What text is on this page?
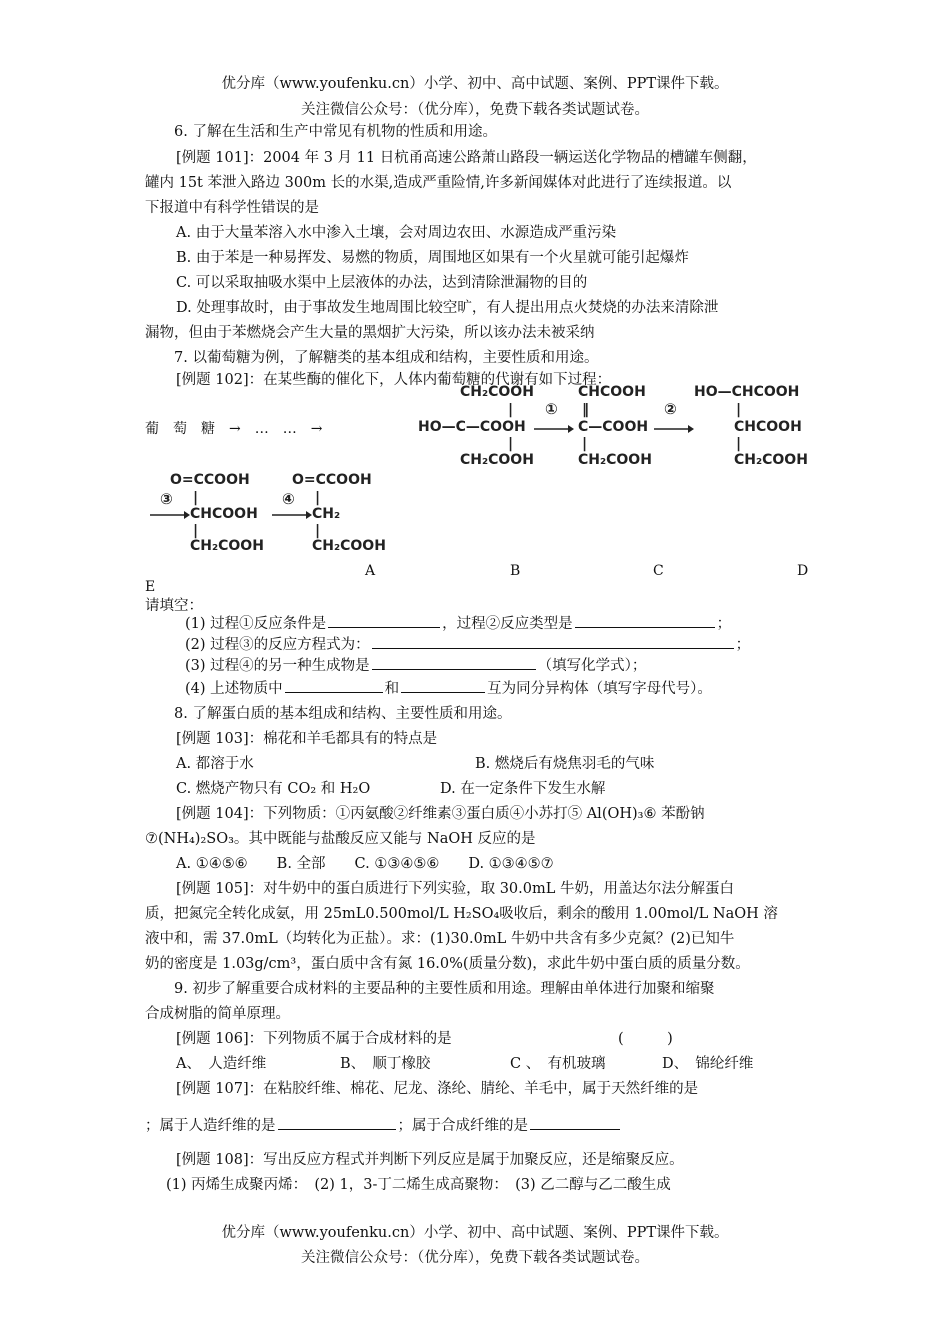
优分库（www.youfenku.cn）小学、初中、高中试题、案例、PPT课件下载。
关注微信公众号：（优分库），免费下载各类试题试卷。
6. 了解在生活和生产中常见有机物的性质和用途。
[例题 101]：2004 年 3 月 11 日杭甬高速公路萧山路段一辆运送化学物品的槽罐车侧翻，
罐内 15t 苯泄入路边 300m 长的水渠,造成严重险情,许多新闻媒体对此进行了连续报道。以
下报道中有科学性错误的是
A. 由于大量苯溶入水中渗入土壤，会对周边农田、水源造成严重污染
B. 由于苯是一种易挥发、易燃的物质，周围地区如果有一个火星就可能引起爆炸
C. 可以采取抽吸水渠中上层液体的办法，达到清除泄漏物的目的
D. 处理事故时，由于事故发生地周围比较空旷，有人提出用点火焚烧的办法来清除泄
漏物，但由于苯燃烧会产生大量的黑烟扩大污染，所以该办法未被采纳
7. 以葡萄糖为例，了解糖类的基本组成和结构，主要性质和用途。
[例题 102]：在某些酶的催化下，人体内葡萄糖的代谢有如下过程：
葡　萄　糖　→　…　…　→
CH₂COOH
|
HO—C—COOH
|
CH₂COOH
①
CHCOOH
‖
C—COOH
|
CH₂COOH
②
HO—CHCOOH
|
CHCOOH
|
CH₂COOH
O=CCOOH
③ |
CHCOOH
|
CH₂COOH
O=CCOOH
④ |
CH₂
|
CH₂COOH
A	B	C	D
E
请填空：
(1) 过程①反应条件是	，过程②反应类型是	；
(2) 过程③的反应方程式为：	；
(3) 过程④的另一种生成物是	（填写化学式）；
(4) 上述物质中	和	互为同分异构体（填写字母代号）。
8. 了解蛋白质的基本组成和结构、主要性质和用途。
[例题 103]：棉花和羊毛都具有的特点是
A. 都溶于水	B. 燃烧后有烧焦羽毛的气味
C. 燃烧产物只有 CO₂ 和 H₂O	D. 在一定条件下发生水解
[例题 104]：下列物质：①丙氨酸②纤维素③蛋白质④小苏打⑤ Al(OH)₃⑥ 苯酚钠
⑦(NH₄)₂SO₃。其中既能与盐酸反应又能与 NaOH 反应的是
A. ①④⑤⑥　　B. 全部　　C. ①③④⑤⑥　　D. ①③④⑤⑦
[例题 105]：对牛奶中的蛋白质进行下列实验，取 30.0mL 牛奶，用盖达尔法分解蛋白
质，把氮完全转化成氨，用 25mL0.500mol/L H₂SO₄吸收后，剩余的酸用 1.00mol/L NaOH 溶
液中和，需 37.0mL（均转化为正盐）。求：(1)30.0mL 牛奶中共含有多少克氮？(2)已知牛
奶的密度是 1.03g/cm³，蛋白质中含有氮 16.0%(质量分数)，求此牛奶中蛋白质的质量分数。
9. 初步了解重要合成材料的主要品种的主要性质和用途。理解由单体进行加聚和缩聚
合成树脂的简单原理。
[例题 106]：下列物质不属于合成材料的是	(　　　)
A、　人造纤维	B、　顺丁橡胶	C 、　有机玻璃	D、　锦纶纤维
[例题 107]：在粘胶纤维、棉花、尼龙、涤纶、腈纶、羊毛中，属于天然纤维的是
；属于人造纤维的是	；属于合成纤维的是
[例题 108]：写出反应方程式并判断下列反应是属于加聚反应，还是缩聚反应。
(1) 丙烯生成聚丙烯：　(2) 1，3-丁二烯生成高聚物：　(3) 乙二醇与乙二酸生成
优分库（www.youfenku.cn）小学、初中、高中试题、案例、PPT课件下载。
关注微信公众号：（优分库），免费下载各类试题试卷。
